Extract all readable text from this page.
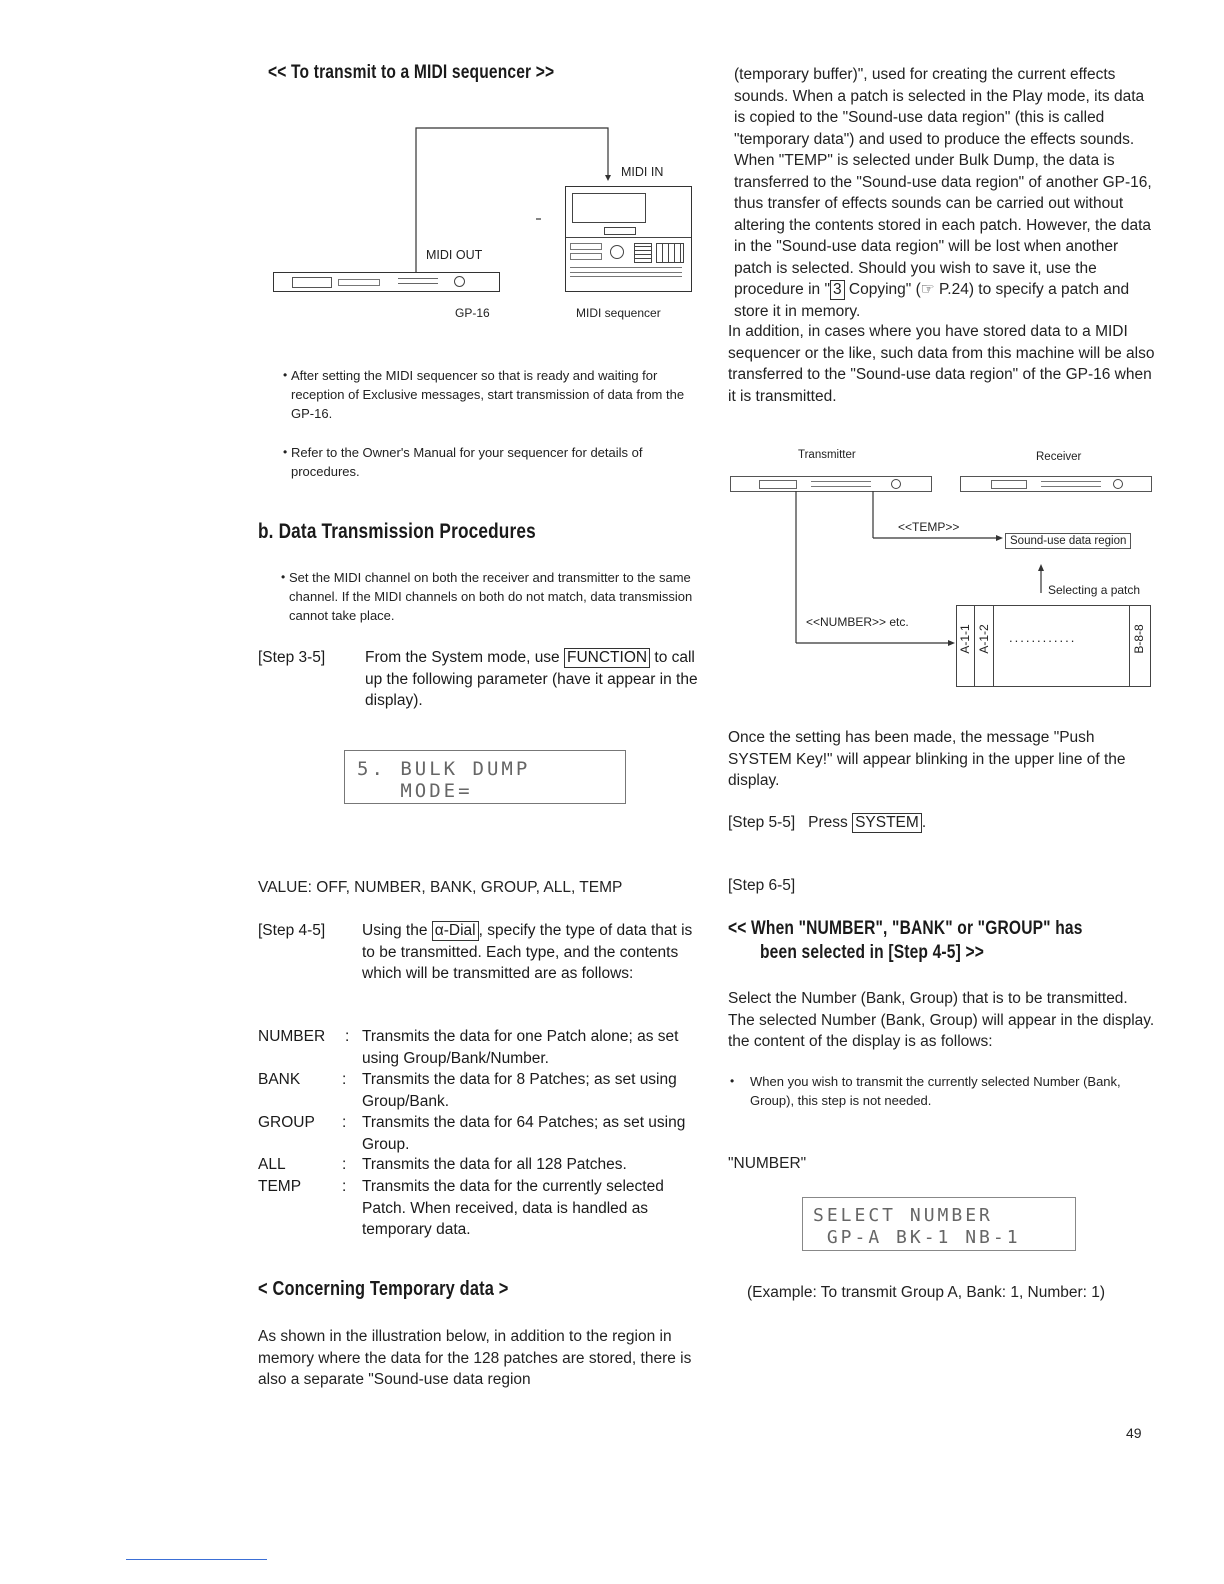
<< To transmit to a MIDI sequencer >>
MIDI IN
MIDI OUT
GP-16	MIDI sequencer
• After setting the MIDI sequencer so that is ready and waiting for reception of Exclusive messages, start transmission of data from the GP-16.
• Refer to the Owner's Manual for your sequencer for details of procedures.
b. Data Transmission Procedures
• Set the MIDI channel on both the receiver and transmitter to the same channel. If the MIDI channels on both do not match, data transmission cannot take place.
[Step 3-5]	From the System mode, use FUNCTION to call up the following parameter (have it appear in the display).
5. BULK DUMP
MODE=
VALUE: OFF, NUMBER, BANK, GROUP, ALL, TEMP
[Step 4-5] Using the α-Dial , specify the type of data that is to be transmitted. Each type, and the contents which will be transmitted are as follows:
NUMBER : Transmits the data for one Patch alone; as set using Group/Bank/Number.
BANK	: Transmits the data for 8 Patches; as set using Group/Bank.
GROUP : Transmits the data for 64 Patches; as set using Group.
ALL	: Transmits the data for all 128 Patches.
TEMP	: Transmits the data for the currently selected Patch. When received, data is handled as temporary data.
< Concerning Temporary data >
As shown in the illustration below, in addition to the region in memory where the data for the 128 patches are stored, there is also a separate "Sound-use data region
(temporary buffer)", used for creating the current effects sounds. When a patch is selected in the Play mode, its data is copied to the "Sound-use data region" (this is called "temporary data") and used to produce the effects sounds. When "TEMP" is selected under Bulk Dump, the data is transferred to the "Sound-use data region" of another GP-16, thus transfer of effects sounds can be carried out without altering the contents stored in each patch. However, the data in the "Sound-use data region" will be lost when another patch is selected. Should you wish to save it, use the procedure in " 3 Copying" (☞ P.24) to specify a patch and store it in memory.
In addition, in cases where you have stored data to a MIDI sequencer or the like, such data from this machine will be also transferred to the "Sound-use data region" of the GP-16 when it is transmitted.
Transmitter	Receiver
<<TEMP>>
Sound-use data region
Selecting a patch
<<NUMBER>> etc.
A-1-1 A-1-2 ............	B-8-8
Once the setting has been made, the message "Push SYSTEM Key!" will appear blinking in the upper line of the display.
[Step 5-5] Press SYSTEM .
[Step 6-5]
<< When "NUMBER", "BANK" or "GROUP" has
been selected in [Step 4-5] >>
Select the Number (Bank, Group) that is to be transmitted. The selected Number (Bank, Group) will appear in the display. the content of the display is as follows:
• When you wish to transmit the currently selected Number (Bank, Group), this step is not needed.
"NUMBER"
SELECT NUMBER
GP-A BK-1 NB-1
(Example: To transmit Group A, Bank: 1, Number: 1)
49
